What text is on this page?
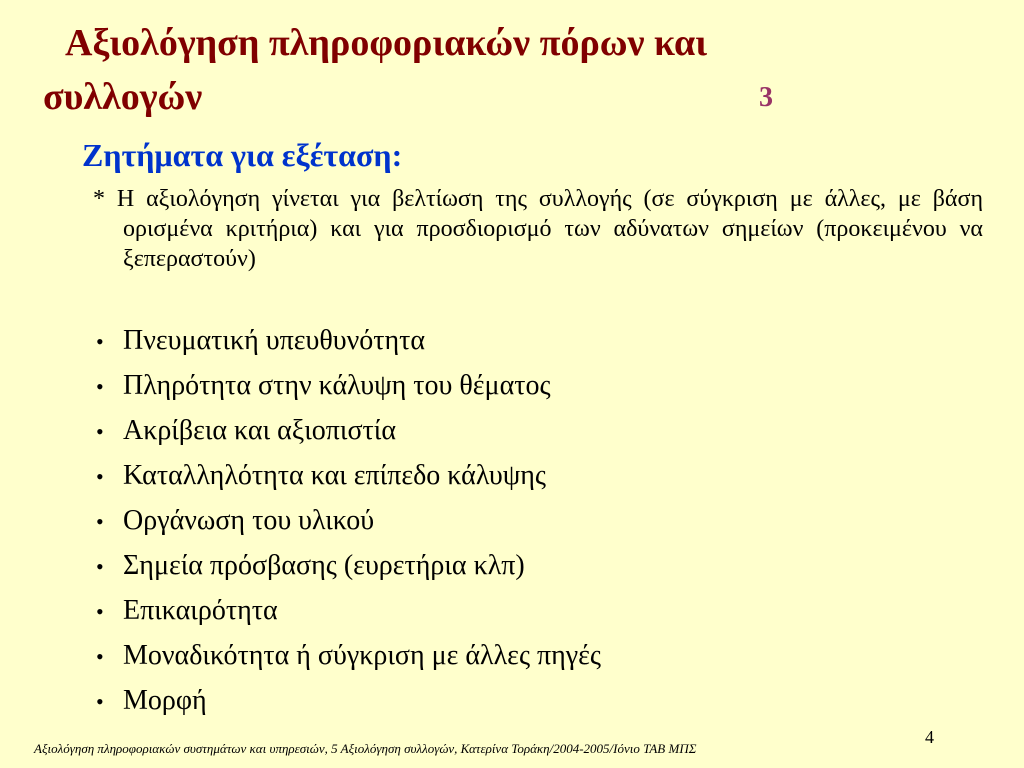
Αξιολόγηση πληροφοριακών πόρων και
συλλογών	3
Ζητήματα για εξέταση:
* Η αξιολόγηση γίνεται για βελτίωση της συλλογής (σε σύγκριση με άλλες, με βάση ορισμένα κριτήρια) και για προσδιορισμό των αδύνατων σημείων (προκειμένου να ξεπεραστούν)
• Πνευματική υπευθυνότητα
• Πληρότητα στην κάλυψη του θέματος
• Ακρίβεια και αξιοπιστία
• Καταλληλότητα και επίπεδο κάλυψης
• Οργάνωση του υλικού
• Σημεία πρόσβασης (ευρετήρια κλπ)
• Επικαιρότητα
• Μοναδικότητα ή σύγκριση με άλλες πηγές
• Μορφή
4
Αξιολόγηση πληροφοριακών συστημάτων και υπηρεσιών, 5 Αξιολόγηση συλλογών, Κατερίνα Τοράκη/2004-2005/Ιόνιο ΤΑΒ ΜΠΣ
